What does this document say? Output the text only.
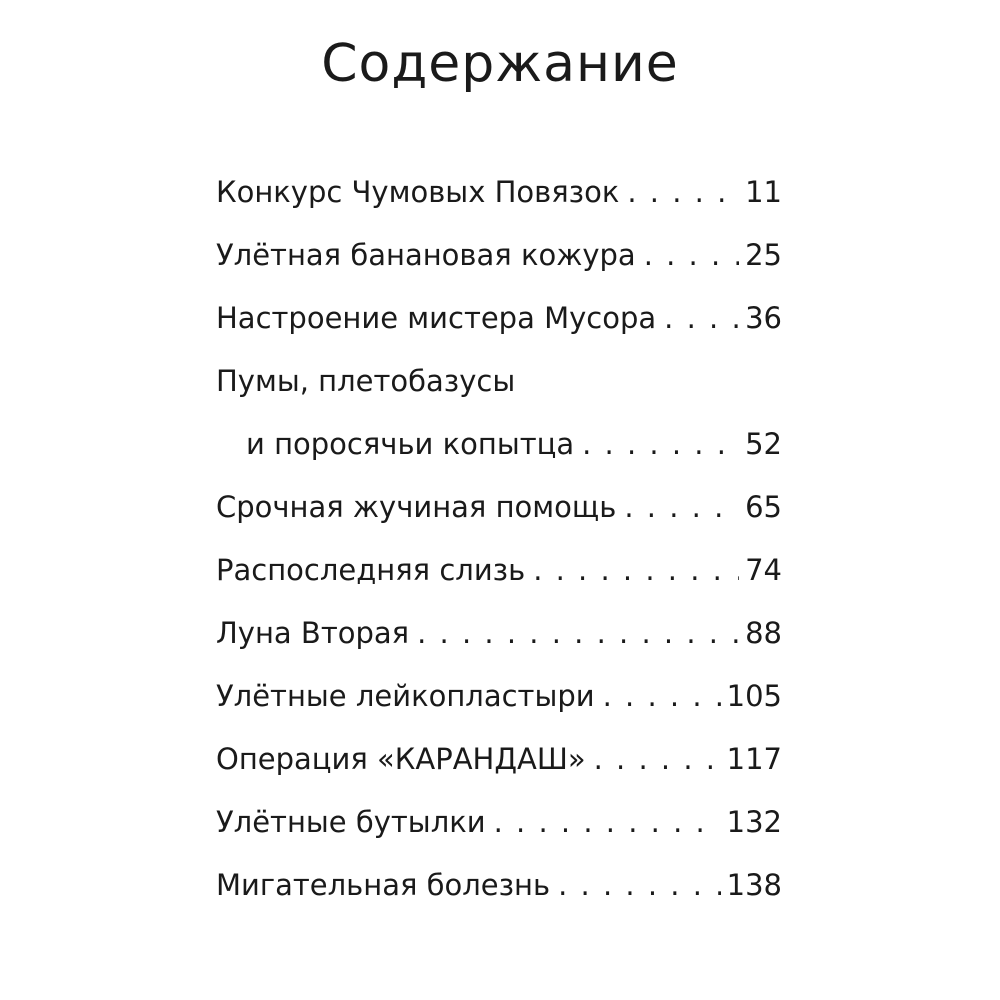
Содержание
Конкурс Чумовых Повязок . . .	11
Улётная банановая кожура . . .	25
Настроение мистера Мусора . . .	36
Пумы, плетобазусы
и поросячьи копытца . . .	52
Срочная жучиная помощь . . .	65
Распоследняя слизь . . .	74
Луна Вторая . . .	88
Улётные лейкопластыри . . .	105
Операция «КАРАНДАШ» . . .	117
Улётные бутылки . . .	132
Мигательная болезнь . . .	138
